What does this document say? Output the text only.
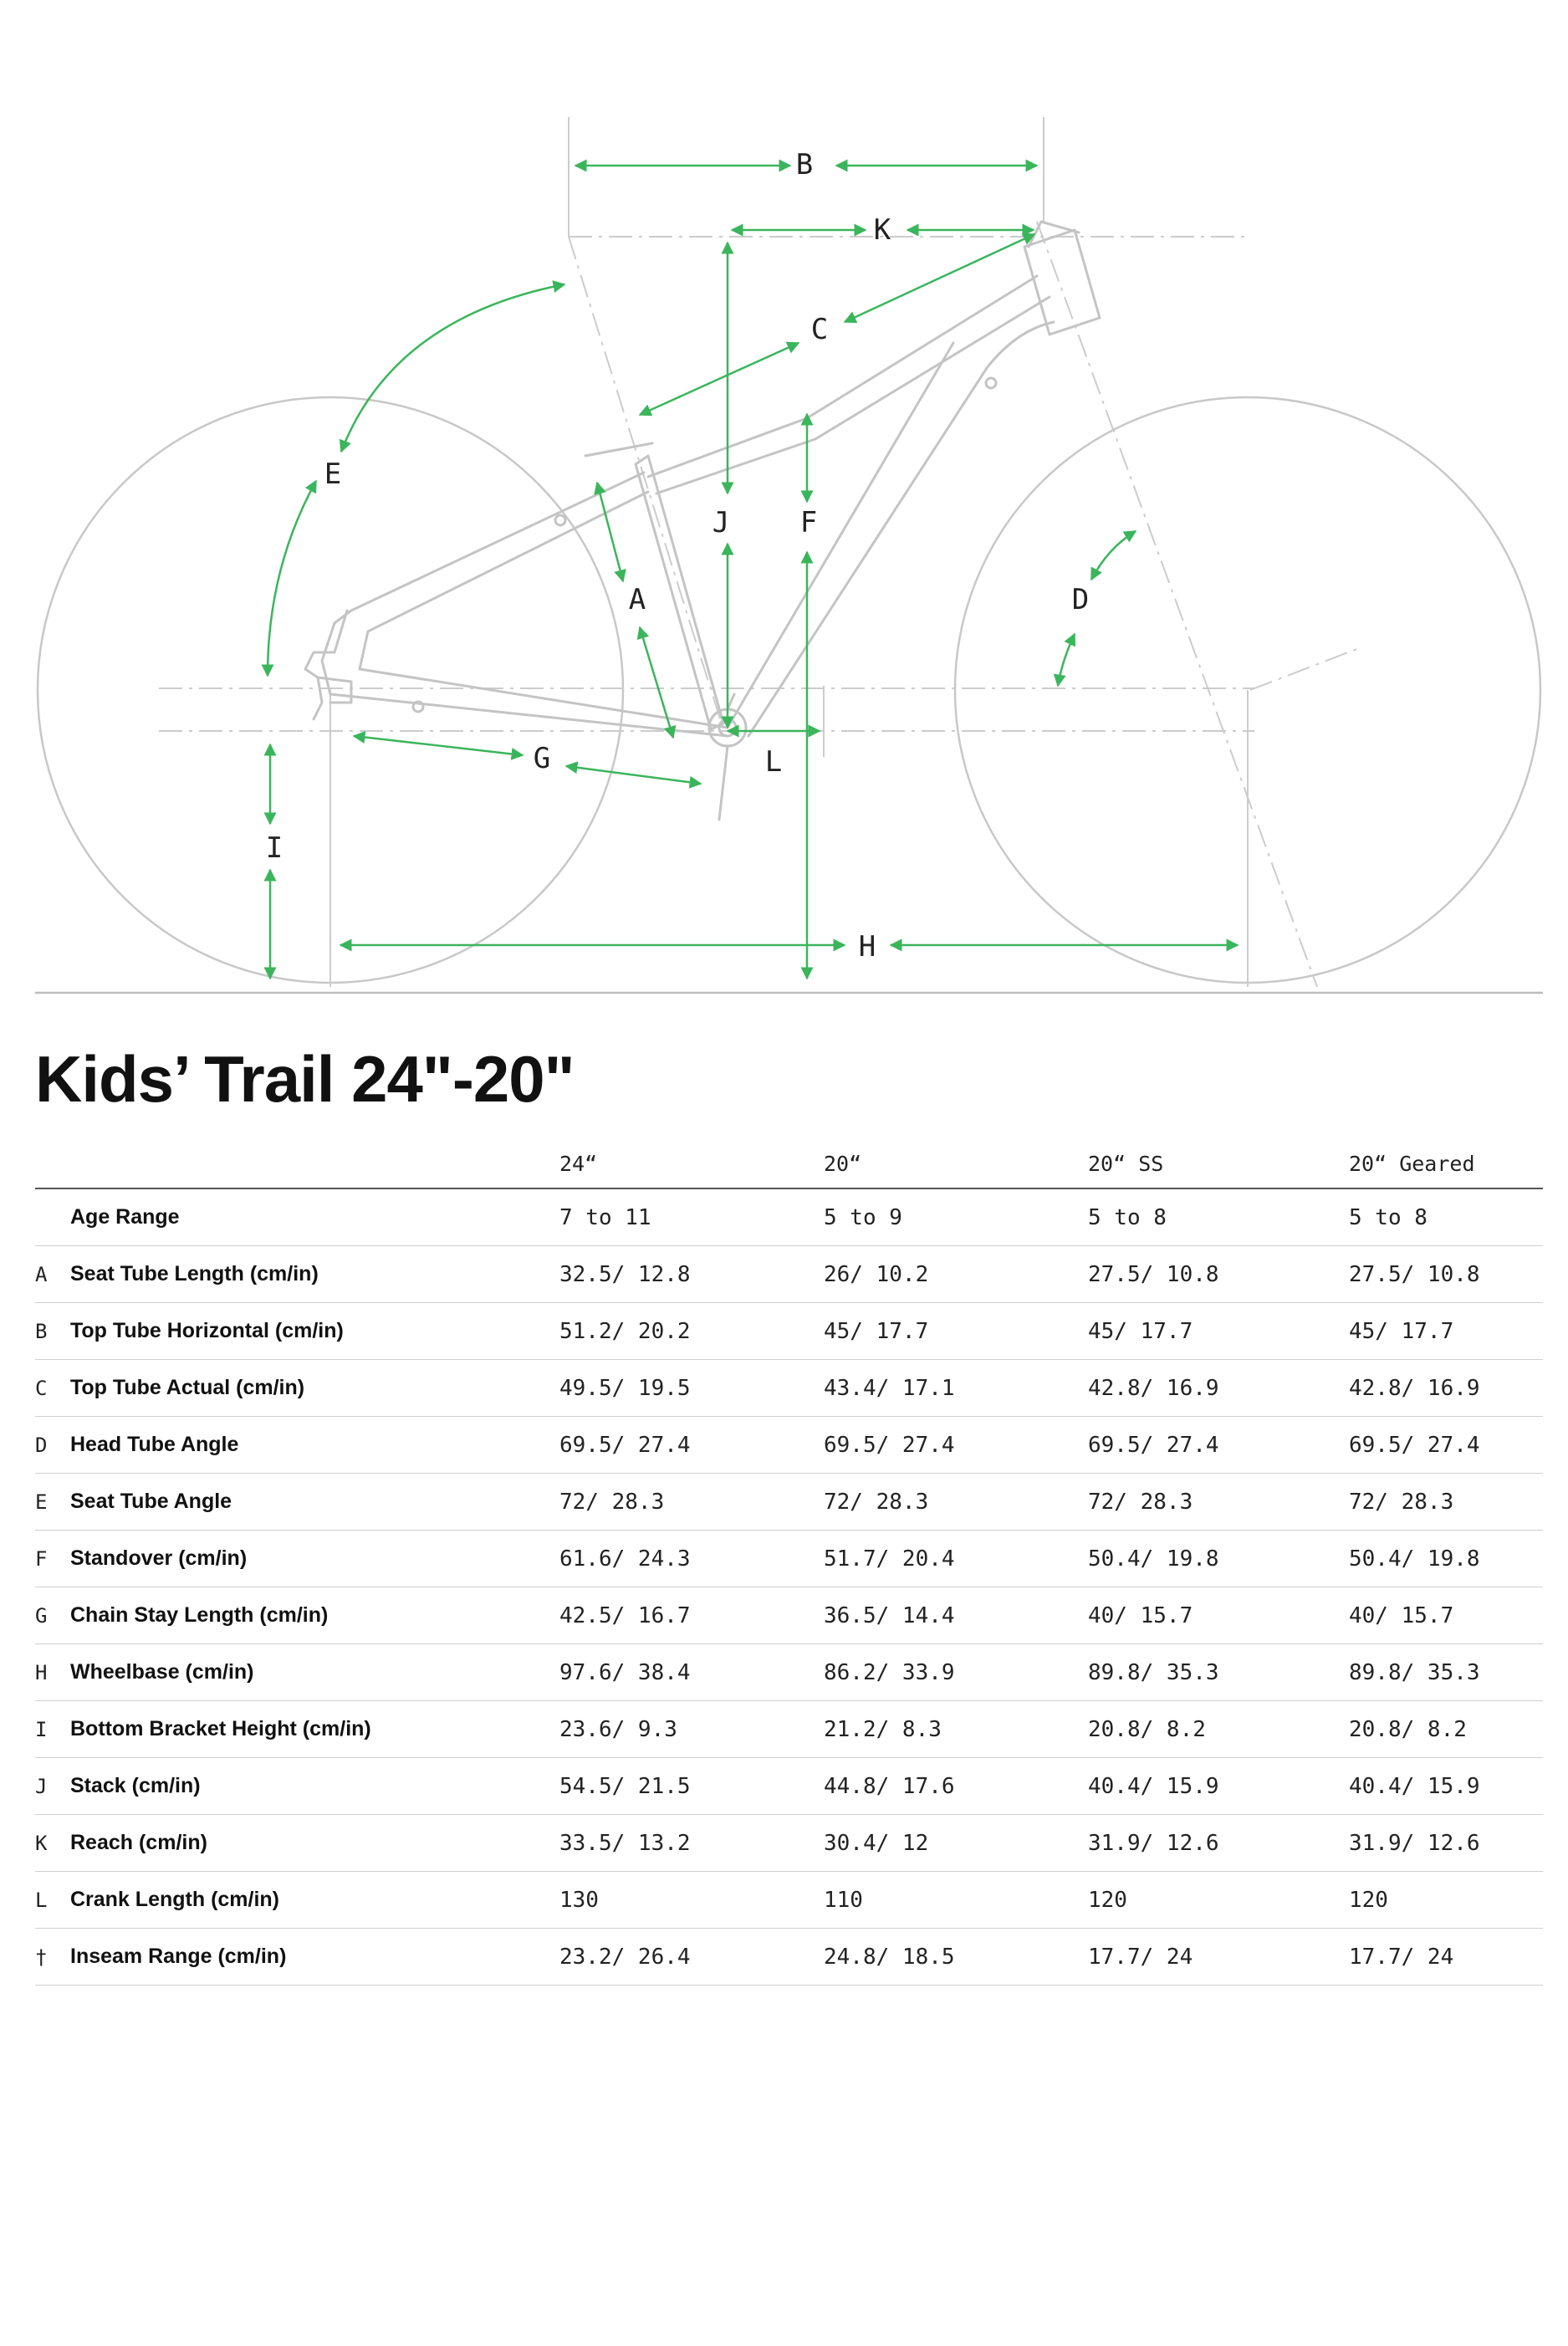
B
K
C
E
J F
A	D
G	L
I
H
Kids’ Trail 24"-20"
		24“	20“	20“ SS	20“ Geared
	Age Range	7 to 11	5 to 9	5 to 8	5 to 8
A	Seat Tube Length (cm/in)	32.5/ 12.8	26/ 10.2	27.5/ 10.8	27.5/ 10.8
B	Top Tube Horizontal (cm/in)	51.2/ 20.2	45/ 17.7	45/ 17.7	45/ 17.7
C	Top Tube Actual (cm/in)	49.5/ 19.5	43.4/ 17.1	42.8/ 16.9	42.8/ 16.9
D	Head Tube Angle	69.5/ 27.4	69.5/ 27.4	69.5/ 27.4	69.5/ 27.4
E	Seat Tube Angle	72/ 28.3	72/ 28.3	72/ 28.3	72/ 28.3
F	Standover (cm/in)	61.6/ 24.3	51.7/ 20.4	50.4/ 19.8	50.4/ 19.8
G	Chain Stay Length (cm/in)	42.5/ 16.7	36.5/ 14.4	40/ 15.7	40/ 15.7
H	Wheelbase (cm/in)	97.6/ 38.4	86.2/ 33.9	89.8/ 35.3	89.8/ 35.3
I	Bottom Bracket Height (cm/in)	23.6/ 9.3	21.2/ 8.3	20.8/ 8.2	20.8/ 8.2
J	Stack (cm/in)	54.5/ 21.5	44.8/ 17.6	40.4/ 15.9	40.4/ 15.9
K	Reach (cm/in)	33.5/ 13.2	30.4/ 12	31.9/ 12.6	31.9/ 12.6
L	Crank Length (cm/in)	130	110	120	120
†	Inseam Range (cm/in)	23.2/ 26.4	24.8/ 18.5	17.7/ 24	17.7/ 24
